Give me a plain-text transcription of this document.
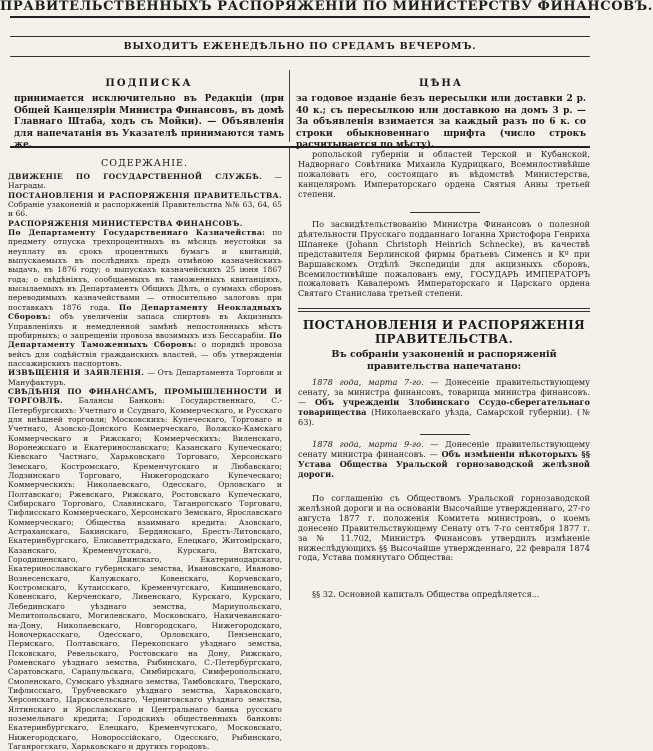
ПРАВИТЕЛЬСТВЕННЫХЪ РАСПОРЯЖЕНІЙ ПО МИНИСТЕРСТВУ ФИНАНСОВЪ.
ВЫХОДИТЪ ЕЖЕНЕДѢЛЬНО ПО СРЕДАМЪ ВЕЧЕРОМЪ.
ПОДПИСКА
принимается исключительно въ Редакціи (при Общей Канцеляріи Министра Финансовъ, въ домѣ Главнаго Штаба, ходъ съ Мойки). — Объявленія для напечатанія въ Указателѣ принимаются тамъ же.
ЦѢНА
за годовое изданіе безъ пересылки или доставки 2 р. 40 к.; съ пересылкою или доставкою на домъ 3 р. — За объявленія взимается за каждый разъ по 6 к. со строки обыкновеннаго шрифта (число строкъ расчитывается по мѣсту).
СОДЕРЖАНІЕ.
ДВИЖЕНІЕ ПО ГОСУДАРСТВЕННОЙ СЛУЖБѢ. — Награды.
ПОСТАНОВЛЕНІЯ И РАСПОРЯЖЕНІЯ ПРАВИТЕЛЬСТВА. Собраніе узаконеній и распоряженій Правительства №№ 63, 64, 65 и 66.
РАСПОРЯЖЕНІЯ МИНИСТЕРСТВА ФИНАНСОВЪ.
По Департаменту Государственнаго Казначейства: по предмету отпуска трехпроцентныхъ въ мѣсяцъ неустойки за неуплату въ срокъ процентныхъ бумагъ и квитанцій, выпускаемыхъ въ послѣднихъ предъ отмѣною казначейскихъ выдачъ, въ 1876 году; о выпускахъ казначейскихъ 25 іюня 1867 года; о свѣдѣніяхъ, сообщаемыхъ въ таможенныхъ квитанціяхъ, высылаемыхъ въ Департаментъ Общихъ Дѣлъ, о суммахъ сборовъ переводимыхъ казначействами — относительно залоговъ при поставкахъ 1876 года. По Департаменту Неокладныхъ Сборовъ: объ увеличеніи запаса спиртовъ въ Акцизныхъ Управленіяхъ и немедленной замѣнѣ непостоянныхъ мѣстъ пробирныхъ; о запрещеніи провоза ввозимыхъ изъ Бессарабіи. По Департаменту Таможенныхъ Сборовъ: о порядкѣ провоза вейсъ для содѣйствія гражданскихъ властей, — объ утвержденіи пассажирскихъ паспортовъ.
ИЗВѢЩЕНІЯ И ЗАЯВЛЕНІЯ. — Отъ Департамента Торговли и Мануфактуръ.
СВѢДѢНІЯ ПО ФИНАНСАМЪ, ПРОМЫШЛЕННОСТИ И ТОРГОВЛѢ. Балансы Банковъ: Государственнаго, С.-Петербургскихъ: Учетнаго и Ссуднаго, Коммерческаго, и Русскаго для внѣшней торговли; Московскихъ: Купеческаго, Торговаго и Учетнаго, Азовско-Донского Коммерческаго, Волжско-Камскаго Коммерческаго и Рижскаго; Коммерческихъ: Виленскаго, Воронежскаго и Екатеринославскаго; Казанскаго Купеческаго; Кіевскаго Частнаго, Харьковскаго Торговаго, Херсонскаго Земскаго, Костромскаго, Кременчугскаго и Любавскаго; Лодзинскаго Торговаго, Нижегородскаго Купеческаго; Коммерческихъ: Николаевскаго, Одесскаго, Орловскаго и Полтавскаго; Ржевскаго, Рижскаго, Ростовскаго Купеческаго, Сибирскаго Торговаго, Славянскаго, Таганрогскаго Торговаго, Тифлисскаго Коммерческаго, Херсонскаго Земскаго, Ярославскаго Коммерческаго; Общества взаимнаго кредита: Азовскаго, Астраханскаго, Бакинскаго, Бердянскаго, Брестъ-Литовскаго, Екатеринбургскаго, Елисаветградскаго, Елецкаго, Житомірскаго, Казанскаго, Кременчугскаго, Курскаго, Вятскаго, Городищенскаго, Двинскаго, Екатеринодарскаго, Екатеринославскаго губернскаго земства, Ивановскаго, Иваново-Вознесенскаго, Калужскаго, Ковенскаго, Корчевскаго, Костромскаго, Кутаисскаго, Кременчугскаго, Кишиневскаго, Ковенскаго, Керченскаго, Ливенскаго, Курскаго, Курскаго, Лебединскаго уѣзднаго земства, Мариупольскаго, Мелитопольскаго, Могилевскаго, Московскаго, Нахичеванскаго-на-Дону, Николаевскаго, Новгородскаго, Нижегородскаго, Новочеркасскаго, Одесскаго, Орловскаго, Пензенскаго, Пермскаго, Полтавскаго, Перекопскаго уѣзднаго земства, Псковскаго, Ревельскаго, Ростовскаго на Дону, Рижскаго, Роменскаго уѣзднаго земства, Рыбинскаго, С.-Петербургскаго, Саратовскаго, Сарапульскаго, Симбирскаго, Симферопольскаго, Смоленскаго, Сумскаго уѣзднаго земства, Тамбовскаго, Тверскаго, Тифлисскаго, Трубчевскаго уѣзднаго земства, Харьковскаго, Херсонскаго, Царскосельскаго, Черниговскаго уѣзднаго земства, Ялтинскаго и Ярославскаго и Центральнаго банка русскаго поземельнаго кредита; Городскихъ общественныхъ банковъ: Екатеринбургскаго, Елецкаго, Кременчугскаго, Московскаго, Нижегородскаго, Новороссійскаго, Одесскаго, Рыбинскаго, Таганрогскаго, Харьковскаго и другихъ городовъ.
ропольской губерніи и областей Терской и Кубанской, Надворнаго Совѣтника Михаила Кудрицкаго, Всемилостивѣйше пожаловать его, состоящаго въ вѣдомствѣ Министерства, канцеляромъ Императорскаго ордена Святыя Анны третьей степени.
По засвидѣтельствованію Министра Финансовъ о полезной дѣятельности Прусскаго подданнаго Іоганна Христофора Генриха Шпанеке (Johann Christoph Heinrich Schnecke), въ качествѣ представителя Берлинской фирмы братьевъ Сименсъ и Кº при Варшавскомъ Отдѣлѣ Экспедиціи для акцизныхъ сборовъ, Всемилостивѣйше пожалованъ ему, ГОСУДАРЬ ИМПЕРАТОРЪ пожаловать Кавалеромъ Императорскаго и Царскаго ордена Святаго Станислава третьей степени.
ПОСТАНОВЛЕНІЯ И РАСПОРЯЖЕНІЯ ПРАВИТЕЛЬСТВА.
Въ собраніи узаконеній и распоряженій правительства напечатано:
1878 года, марта 7-го. — Донесеніе правительствующему сенату, за министра финансовъ, товарища министра финансовъ. — Объ учрежденіи Злобинскаго Ссудо-сберегательнаго товарищества (Николаевскаго уѣзда, Самарской губерніи). (№ 63).
1878 года, марта 9-го. — Донесеніе правительствующему сенату министра финансовъ. — Объ измѣненіи нѣкоторыхъ §§ Устава Общества Уральской горнозаводской желѣзной дороги.
По соглашенію съ Обществомъ Уральской горнозаводской желѣзной дороги и на основаніи Высочайше утвержденнаго, 27-го августа 1877 г. положенія Комитета министровъ, о коемъ донесено Правительствующему Сенату отъ 7-го сентября 1877 г. за № 11.702, Министръ Финансовъ утвердилъ измѣненіе нижеслѣдующихъ §§ Высочайше утвержденнаго, 22 февраля 1874 года, Устава помянутаго Общества:
§§ 32. Основной капиталъ Общества опредѣляется...
